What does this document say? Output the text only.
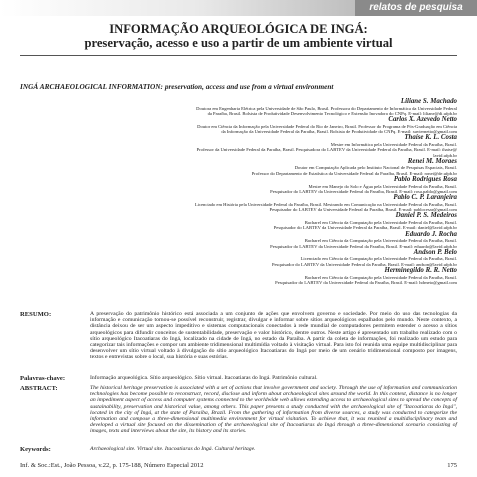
relatos de pesquisa
INFORMAÇÃO ARQUEOLÓGICA DE INGÁ:
preservação, acesso e uso a partir de um ambiente virtual
INGÁ ARCHAEOLOGICAL INFORMATION: preservation, access and use from a virtual environment
Liliane S. Machado
Doutora em Engenharia Elétrica pela Universidade de São Paulo, Brasil. Professora do Departamento de Informática da Universidade Federal
da Paraíba, Brasil. Bolsista de Produtividade Desenvolvimento Tecnológico e Extensão Inovadora do CNPq. E-mail: liliane@di.ufpb.br
Carlos X. Azevedo Netto
Doutor em Ciência da Informação pela Universidade Federal do Rio de Janeiro, Brasil. Professor do Programa de Pós-Graduação em Ciência
da Informação da Universidade Federal da Paraíba, Brasil. Bolsista de Produtividade do CNPq. E-mail: xaviernetto@gmail.com
Thaíse K. L. Costa
Mestre em Informática pela Universidade Federal da Paraíba, Brasil.
Professor da Universidade Federal da Paraíba, Brasil. Pesquisadora do LABTEV da Universidade Federal da Paraíba, Brasil. E-mail: thaise@
lavid.ufpb.br
Renei M. Moraes
Doutor em Computação Aplicada pelo Instituto Nacional de Pesquisas Espaciais, Brasil.
Professor do Departamento de Estatística da Universidade Federal da Paraíba, Brasil. E-mail: ronei@de.ufpb.br
Pablo Rodrigues Rosa
Mestre em Manejo do Solo e Água pela Universidade Federal da Paraíba, Brasil.
Pesquisador do LABTEV da Universidade Federal da Paraíba, Brasil. E-mail: rosa.pablo@gmail.com
Pablo C. P. Laranjeira
Licenciado em História pela Universidade Federal da Paraíba, Brasil. Mestrando em Comunicação na Universidade Federal da Paraíba, Brasil.
Pesquisador do LABTEV da Universidade Federal da Paraíba, Brasil. E-mail: pablocesar@gmail.com
Daniel P. S. Medeiros
Bacharel em Ciência da Computação pela Universidade Federal da Paraíba, Brasil.
Pesquisador do LABTEV da Universidade Federal da Paraíba, Brasil. E-mail: daniel@lavid.ufpb.br
Eduardo J. Rocha
Bacharel em Ciência da Computação pela Universidade Federal da Paraíba, Brasil.
Pesquisador do LABTEV da Universidade Federal da Paraíba, Brasil. E-mail: eduardo@lavid.ufpb.br
Andson P. Belo
Licenciado em Ciência da Computação pela Universidade Federal da Paraíba, Brasil.
Pesquisador do LABTEV da Universidade Federal da Paraíba, Brasil. E-mail: andson@lavid.ufpb.br
Herminegildo R. R. Netto
Bacharel em Ciência da Computação pela Universidade Federal da Paraíba, Brasil.
Pesquisador do LABTEV da Universidade Federal da Paraíba, Brasil. E-mail: hdrneto@gmail.com
RESUMO:	A preservação do patrimônio histórico está associada a um conjunto de ações que envolvem governo e sociedade. Por meio do uso das tecnologias da informação e comunicação tornou-se possível reconstruir, registrar, divulgar e informar sobre sítios arqueológicos espalhados pelo mundo. Neste contexto, a distância deixou de ser um aspecto impeditivo e sistemas computacionais conectados à rede mundial de computadores permitem estender o acesso a sítios arqueológicos para difundir conceitos de sustentabilidade, preservação e valor histórico, dentre outros. Neste artigo é apresentado um trabalho realizado com o sítio arqueológico Itacoatiaras do Ingá, localizado na cidade de Ingá, no estado da Paraíba. A partir da coleta de informações, foi realizado um estudo para categorizar tais informações e compor um ambiente tridimensional multimídia voltado à visitação virtual. Para isto foi reunida uma equipe multidisciplinar para desenvolver um sítio virtual voltado à divulgação do sítio arqueológico Itacoatiaras do Ingá por meio de um cenário tridimensional composto por imagens, textos e entrevistas sobre o local, sua história e suas estórias.
Palavras-chave:	Informação arqueológica. Sítio arqueológico. Sítio virtual. Itacoatiaras do Ingá. Patrimônio cultural.
ABSTRACT:	The historical heritage preservation is associated with a set of actions that involve government and society. Through the use of information and communication technologies has become possible to reconstruct, record, disclose and inform about archaeological sites around the world. In this context, distance is no longer an impediment aspect of access and computer systems connected to the worldwide web allows extending access to archaeological sites to spread the concepts of sustainability, preservation and historical value, among others. This paper presents a study conducted with the archaeological site of "Itacoatiaras do Ingá", located in the city of Ingá, at the state of Paraíba, Brazil. From the gathering of information from diverse sources, a study was conducted to categorize the information and compose a three-dimensional multimedia environment for virtual visitation. To achieve that, it was reunited a multidisciplinary team and developed a virtual site focused on the dissemination of the archaeological site of Itacoatiaras do Ingá through a three-dimensional scenario consisting of images, texts and interviews about the site, its history and its stories.
Keywords:	Archaeological site. Virtual site. Itacoatiaras do Ingá. Cultural heritage.
Inf. & Soc.:Est., João Pessoa, v.22, p. 175-188, Número Especial 2012	175
